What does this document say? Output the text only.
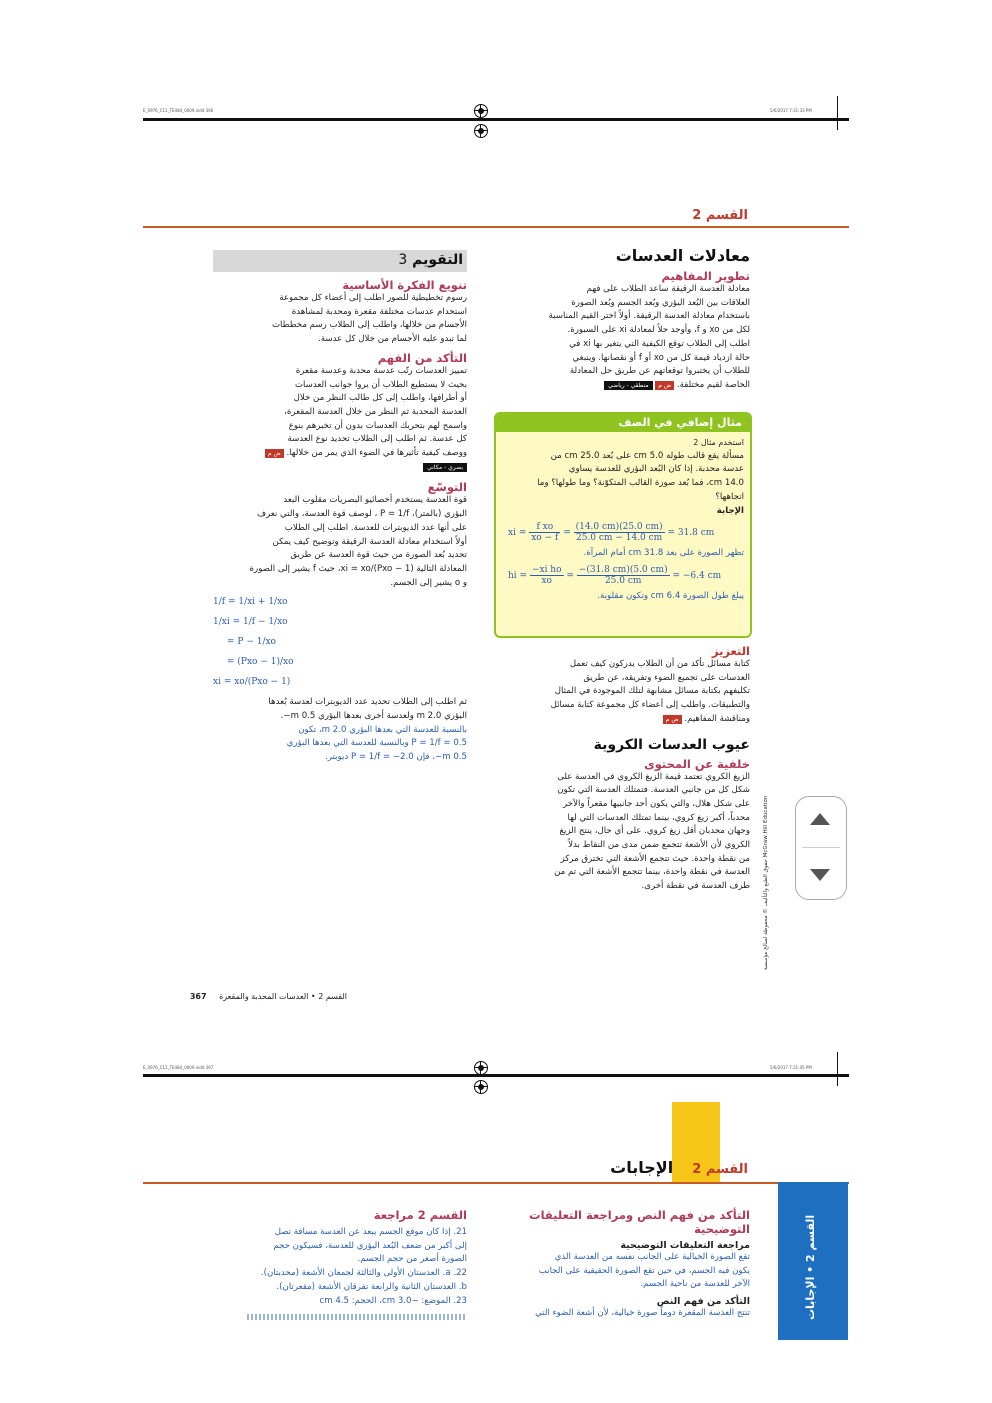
E_0976_C11_TE484_0009.indd 366	5/6/2017 7:31:33 PM
القسم 2
معادلات العدسات
تطوير المفاهيم
معادلة العدسة الرقيقة ساعد الطلاب على فهم
العلاقات بين البُعد البؤري وبُعد الجسم وبُعد الصورة
باستخدام معادلة العدسة الرقيقة. أولاً اختر القيم المناسبة
لكل من xo و f، وأوجد حلاً لمعادلة xi على السبورة.
اطلب إلى الطلاب توقع الكيفية التي يتغير بها xi في
حالة ازدياد قيمة كل من xo أو f أو نقصانها. وينبغي
للطلاب أن يختبروا توقعاتهم عن طريق حل المعادلة
الخاصة لقيم مختلفة. ض م منطقي - رياضي
مثال إضافي في الصف
استخدم مثال 2
مسألة يقع قالب طوله 5.0 cm على بُعد 25.0 cm من
عدسة محدبة. إذا كان البُعد البؤري للعدسة يساوي
14.0 cm، فما بُعد صورة القالب المتكوّنة؟ وما طولها؟ وما
اتجاهها؟
الإجابة
xi = $\frac{\text{f xo}}{xo - f} = \frac{(14.0 cm)(25.0 cm)}{25.0 cm - 14.0 cm} = 31.8$ cm
تظهر الصورة على بعد 31.8 cm أمام المرآة.
hi = $\frac{\text{−xi ho}}{xo} = \frac{-(31.8 cm)(5.0 cm)}{25.0 cm} = -6.4$ cm
يبلغ طول الصورة 6.4 cm وتكون مقلوبة.
التعزيز
كتابة مسائل تأكد من أن الطلاب يدركون كيف تعمل
العدسات على تجميع الضوء وتفريقه، عن طريق
تكليفهم بكتابة مسائل مشابهة لتلك الموجودة في المثال
والتطبيقات. واطلب إلى أعضاء كل مجموعة كتابة مسائل
ومناقشة المفاهيم. ض م
عيوب العدسات الكروية
خلفية عن المحتوى
الزيغ الكروي تعتمد قيمة الزيغ الكروي في العدسة على
شكل كل من جانبي العدسة. فتمتلك العدسة التي تكون
على شكل هلال، والتي يكون أحد جانبيها مقعراً والآخر
محدباً، أكبر زيغ كروي، بينما تمتلك العدسات التي لها
وجهان محدبان أقل زيغ كروي. على أي حال، ينتج الزيغ
الكروي لأن الأشعة تتجمع ضمن مدى من النقاط بدلاً
من نقطة واحدة. حيث تتجمع الأشعة التي تخترق مركز
العدسة في نقطة واحدة، بينما تتجمع الأشعة التي تم من
طرف العدسة في نقطة أخرى.
التقويم 3
تنويع الفكرة الأساسية
رسوم تخطيطية للصور اطلب إلى أعضاء كل مجموعة
استخدام عدسات مختلفة مقعرة ومحدبة لمشاهدة
الأجسام من خلالها، واطلب إلى الطلاب رسم مخططات
لما تبدو عليه الأجسام من خلال كل عدسة.
التأكد من الفهم
تمييز العدسات رتّب عدسة محدبة وعدسة مقعرة
بحيث لا يستطيع الطلاب أن يروا جوانب العدسات
أو أطرافها، واطلب إلى كل طالب النظر من خلال
العدسة المحدبة ثم النظر من خلال العدسة المقعرة،
واسمح لهم بتحريك العدسات بدون أن تخبرهم بنوع
كل عدسة. ثم اطلب إلى الطلاب تحديد نوع العدسة
ووصف كيفية تأثيرها في الضوء الذي يمر من خلالها. ض م
بصري - مكاني
التوسّع
قوة العدسة يستخدم أخصائيو البصريات مقلوب البعد
البؤري (بالمتر)، P = 1/f ، لوصف قوة العدسة، والتي نعرف
على أنها عدد الديوبترات للعدسة. اطلب إلى الطلاب
أولاً استخدام معادلة العدسة الرقيقة وتوضيح كيف يمكن
تحديد بُعد الصورة من حيث قوة العدسة عن طريق
المعادلة التالية xi = xo/(Pxo − 1)، حيث f يشير إلى الصورة
و o يشير إلى الجسم.
1/f = 1/xi + 1/xo
1/xi = 1/f − 1/xo
= P − 1/xo
= (Pxo − 1)/xo
xi = xo/(Pxo − 1)
ثم اطلب إلى الطلاب تحديد عدد الديوبترات لعدسة بُعدها
البؤري 2.0 m ولعدسة أخرى بعدها البؤري 0.5 m−.
بالنسبة للعدسة التي بعدها البؤري 2.0 m، تكون
P = 1/f = 0.5 وبالنسبة للعدسة التي بعدها البؤري
0.5 m−، فإن P = 1/f = −2.0 ديوبتر.
حقوق الطبع والتأليف © محفوظة لصالح مؤسسة McGraw Hill Education
القسم 2 • العدسات المحدبة والمقعرة 367
E_0976_C11_TE484_0009.indd 367	5/6/2017 7:31:45 PM
القسم 2 الإجابات
القسم 2 • الإجابات
التأكد من فهم النص ومراجعة التعليقات التوضيحية
مراجعة التعليقات التوضيحية
تقع الصورة الخيالية على الجانب نفسه من العدسة الذي
يكون فيه الجسم، في حين تقع الصورة الحقيقية على الجانب
الآخر للعدسة من ناحية الجسم.
التأكد من فهم النص
تنتج العدسة المقعرة دوماً صورة خيالية، لأن أشعة الضوء التي
القسم 2 مراجعة
21. إذا كان موقع الجسم يبعد عن العدسة مسافة تصل
إلى أكبر من ضعف البُعد البؤري للعدسة، فسيكون حجم
الصورة أصغر من حجم الجسم.
22. a. العدستان الأولى والثالثة لجمعان الأشعة (محدبتان).
b. العدستان الثانية والرابعة تفرقان الأشعة (مقعرتان).
23. الموضع: −3.0 cm، الحجم: 4.5 cm
